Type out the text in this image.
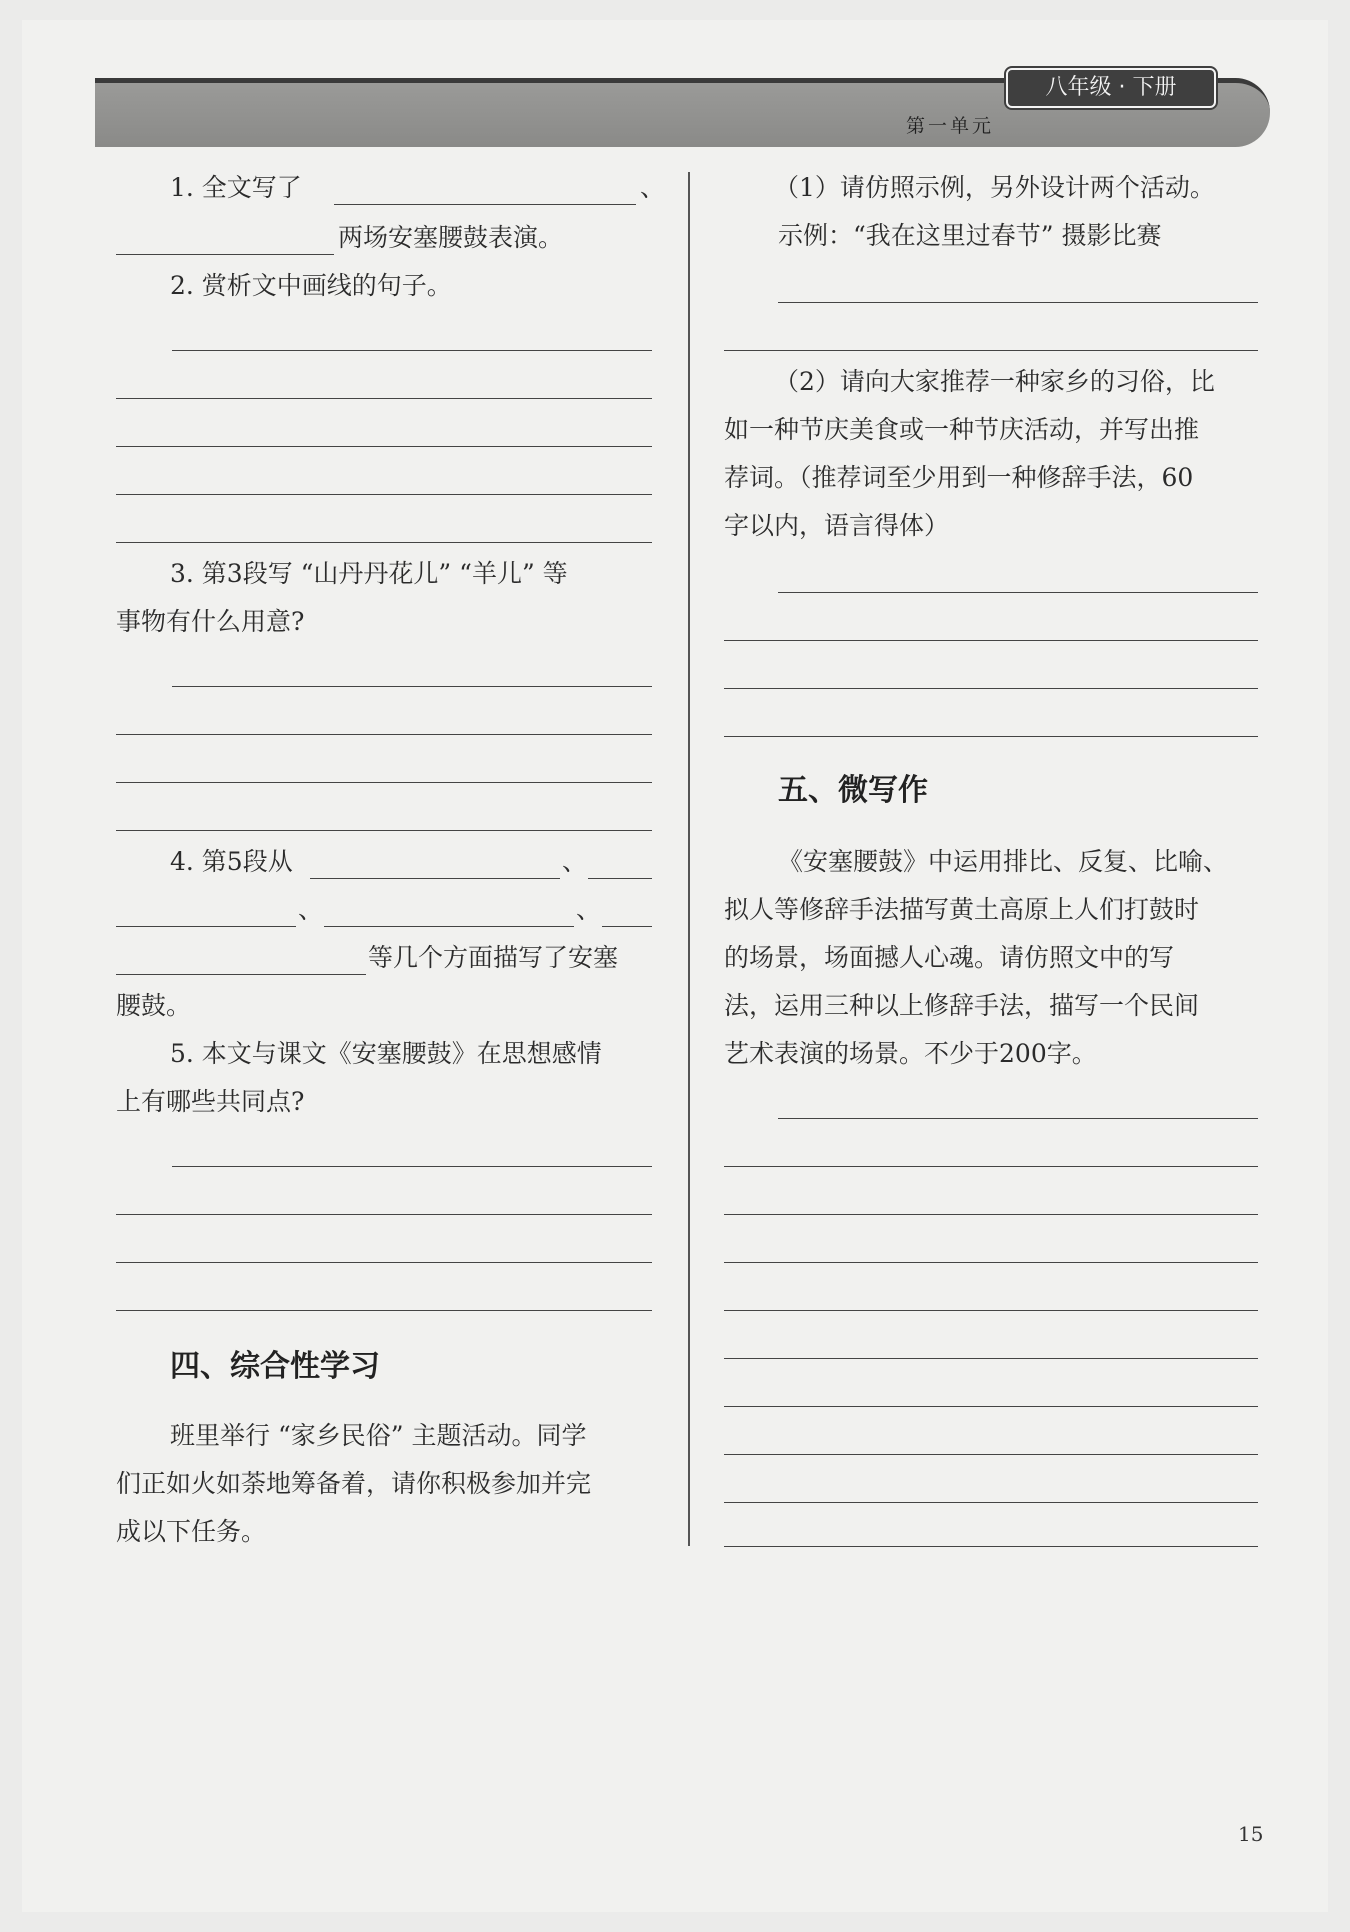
八年级 · 下册
第一单元
1. 全文写了	、
两场安塞腰鼓表演。
2. 赏析文中画线的句子。
3. 第3段写 “山丹丹花儿” “羊儿” 等
事物有什么用意?
4. 第5段从	、
、	、
等几个方面描写了安塞
腰鼓。
5. 本文与课文《安塞腰鼓》在思想感情
上有哪些共同点?
四、综合性学习
班里举行 “家乡民俗” 主题活动。同学
们正如火如荼地筹备着，请你积极参加并完
成以下任务。
（1）请仿照示例，另外设计两个活动。
示例：“我在这里过春节” 摄影比赛
（2）请向大家推荐一种家乡的习俗，比
如一种节庆美食或一种节庆活动，并写出推
荐词。（推荐词至少用到一种修辞手法，60
字以内，语言得体）
五、微写作
《安塞腰鼓》中运用排比、反复、比喻、
拟人等修辞手法描写黄土高原上人们打鼓时
的场景，场面撼人心魂。请仿照文中的写
法，运用三种以上修辞手法，描写一个民间
艺术表演的场景。不少于200字。
15
